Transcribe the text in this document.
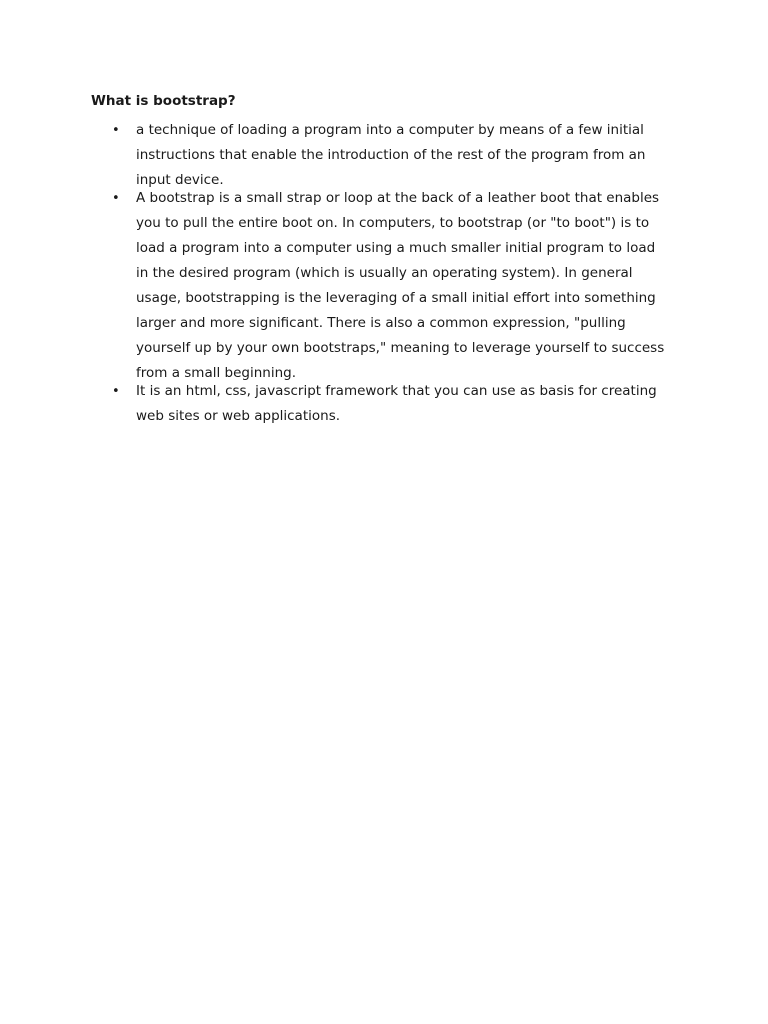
What is bootstrap?
•	a technique of loading a program into a computer by means of a few initial
instructions that enable the introduction of the rest of the program from an
input device.
•	A bootstrap is a small strap or loop at the back of a leather boot that enables
you to pull the entire boot on. In computers, to bootstrap (or "to boot") is to
load a program into a computer using a much smaller initial program to load
in the desired program (which is usually an operating system). In general
usage, bootstrapping is the leveraging of a small initial effort into something
larger and more significant. There is also a common expression, "pulling
yourself up by your own bootstraps," meaning to leverage yourself to success
from a small beginning.
•	It is an html, css, javascript framework that you can use as basis for creating
web sites or web applications.
